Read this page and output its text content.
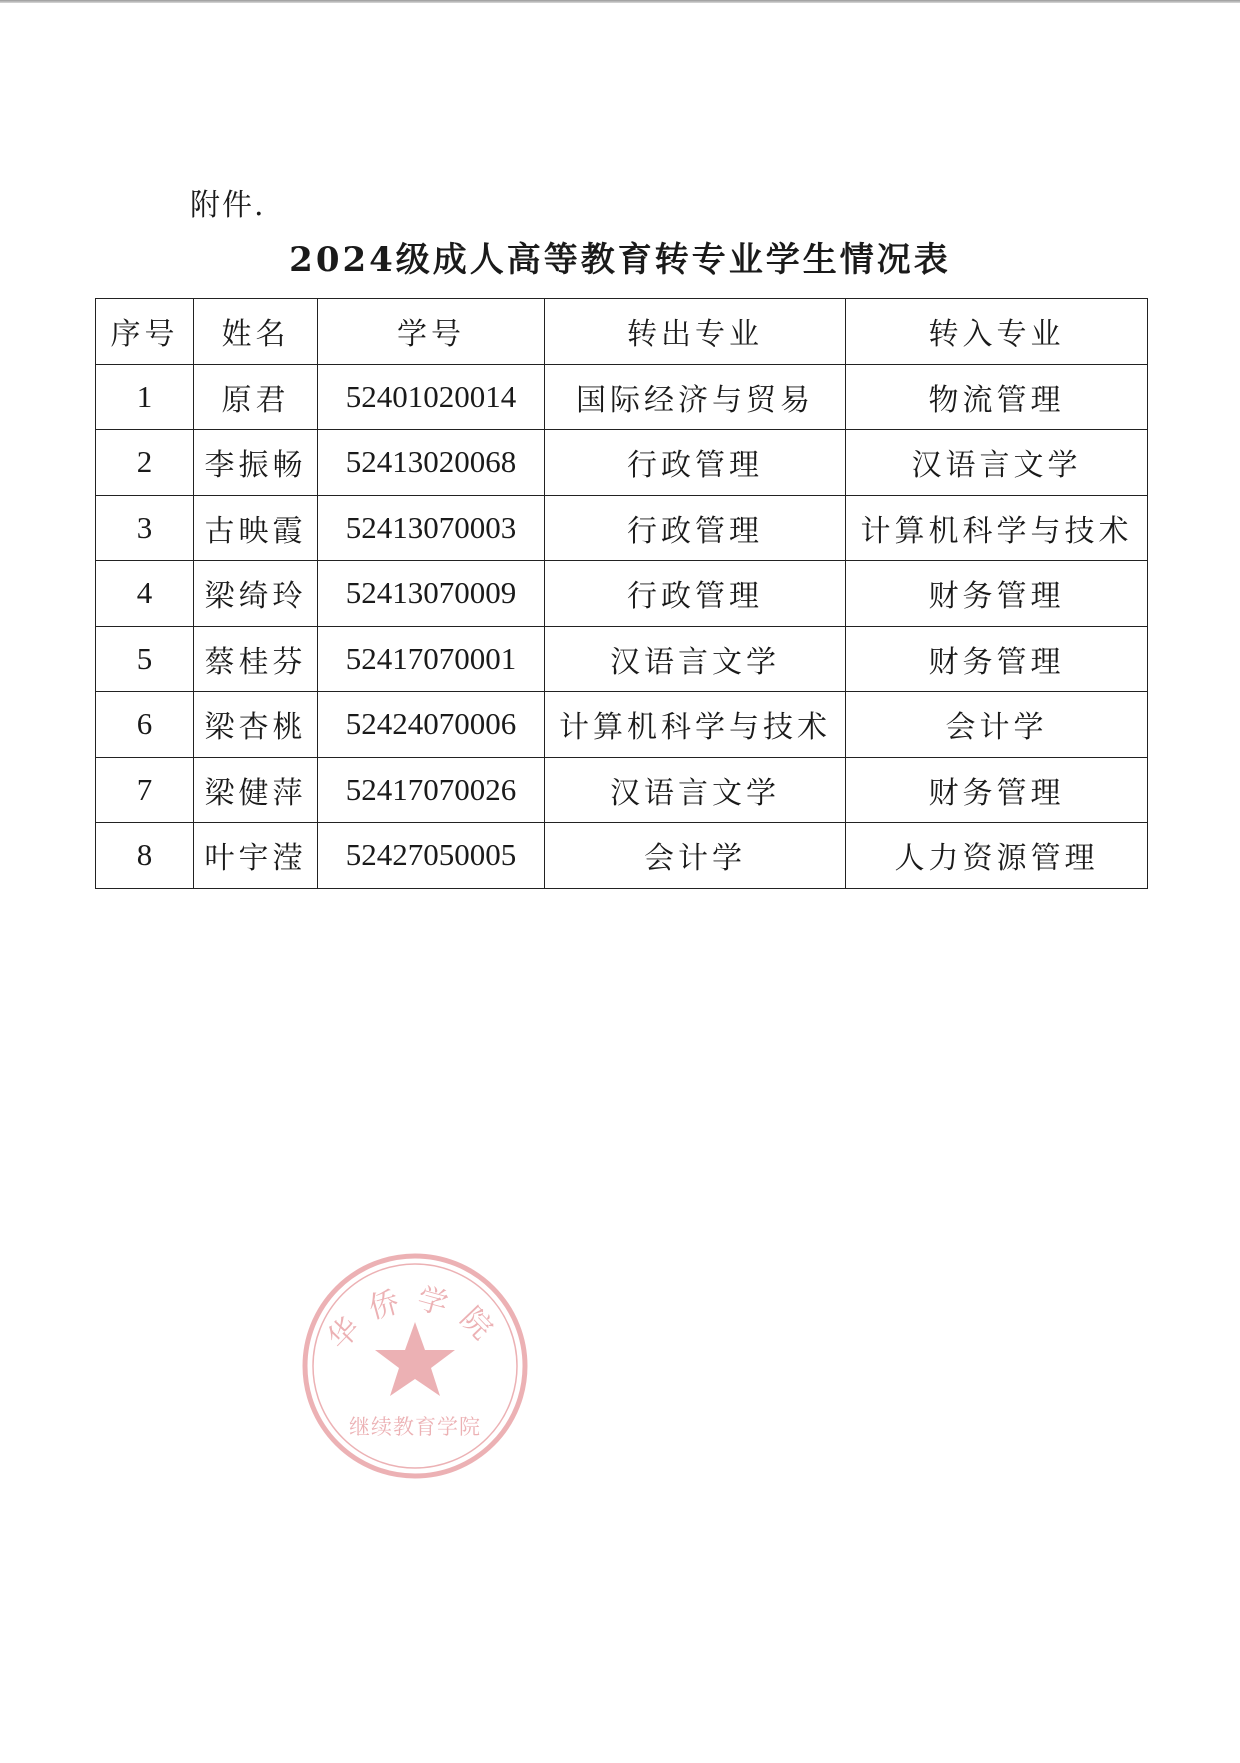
附件.
2024级成人高等教育转专业学生情况表
序号	姓名	学号	转出专业	转入专业
1	原君	52401020014	国际经济与贸易	物流管理
2	李振畅	52413020068	行政管理	汉语言文学
3	古映霞	52413070003	行政管理	计算机科学与技术
4	梁绮玲	52413070009	行政管理	财务管理
5	蔡桂芬	52417070001	汉语言文学	财务管理
6	梁杏桃	52424070006	计算机科学与技术	会计学
7	梁健萍	52417070026	汉语言文学	财务管理
8	叶宇滢	52427050005	会计学	人力资源管理
华侨学院
继续教育学院
